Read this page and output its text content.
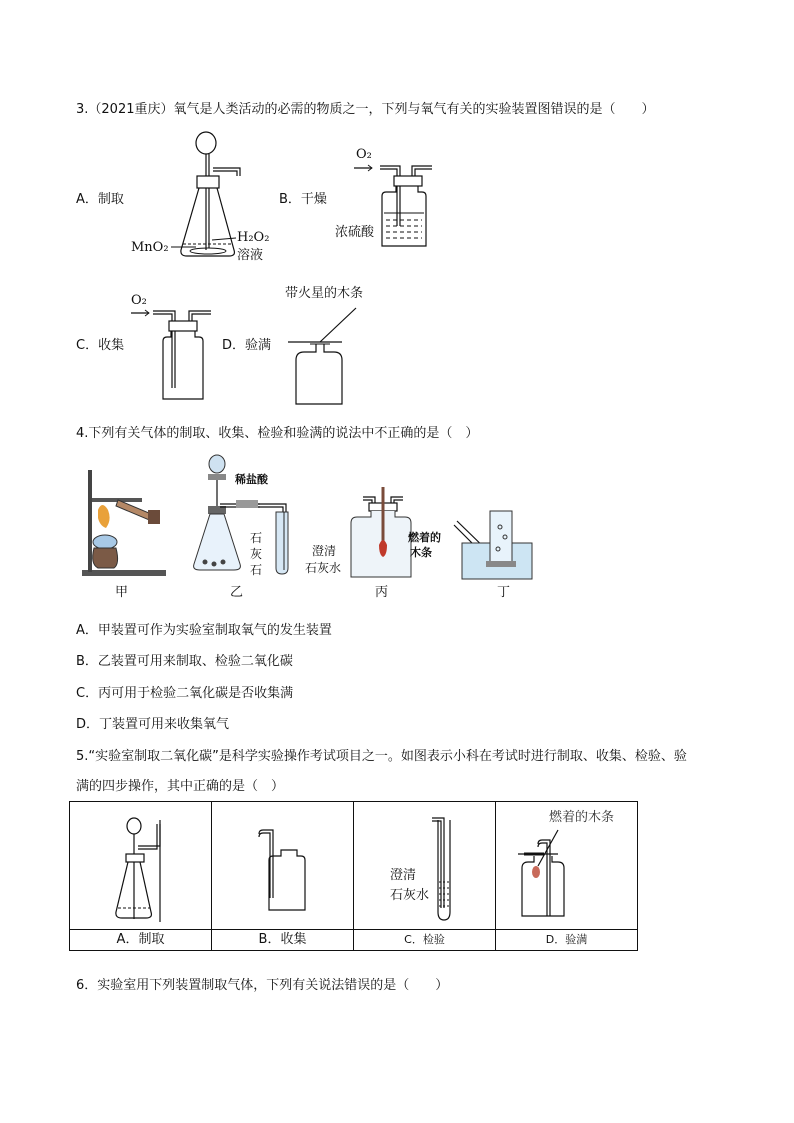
3.（2021重庆）氧气是人类活动的必需的物质之一，下列与氧气有关的实验装置图错误的是（　　）
A．制取	B．干燥
C．收集	D．验满
MnO₂
H₂O₂
溶液
O₂
浓硫酸
O₂	带火星的木条
4.下列有关气体的制取、收集、检验和验满的说法中不正确的是（　）
甲
稀盐酸
石
灰
石
澄清
石灰水
乙
燃着的
木条
丙	丁
A．甲装置可作为实验室制取氧气的发生装置
B．乙装置可用来制取、检验二氧化碳
C．丙可用于检验二氧化碳是否收集满
D．丁装置可用来收集氧气
5.“实验室制取二氧化碳”是科学实验操作考试项目之一。如图表示小科在考试时进行制取、收集、检验、验
满的四步操作，其中正确的是（　）

澄清
石灰水	燃着的木条

A．制取	B．收集	C．检验	D．验满
6．实验室用下列装置制取气体，下列有关说法错误的是（　　）
